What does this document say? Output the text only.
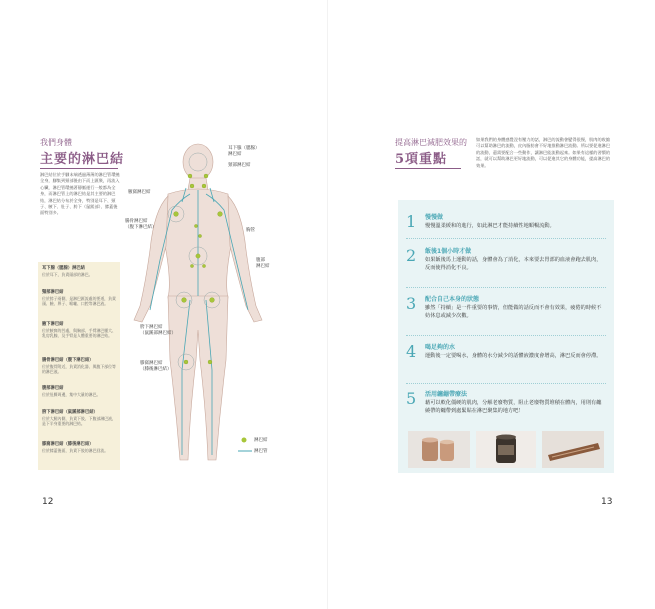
我們身體
主要的淋巴結
淋巴結位於手腳末端透過薄薄的淋巴管環繞全身，腳集到頸部後由下而上匯聚，再流入心臟，淋巴管環繞著靜脈運行一般都為全身，而淋巴管上的淋巴結是其主要的淋巴結，淋巴結分布於全身，特別是耳下、頸子、腋下、肚子、胯下（鼠蹊部）、膝蓋後面特別多。
耳下腺（腮腺）淋巴結
位於耳下，負責頭部的淋巴。
頸部淋巴結
位於脖子兩側，是淋巴匯流處的要道，負責頭、臉、鼻子、喉嚨、口腔等淋巴液。
腋下淋巴結
位於腋窩的凹處，與胸部、手臂淋巴腫大、乳房乳腺、及手臂是人體重要的淋巴結。
腸骨淋巴結（腹下淋巴結）
位於腹骨附近，負責消化器、與腹下部位等的淋巴液。
腹部淋巴結
位於肚臍周邊，集中大量的淋巴。
胯下淋巴結（鼠蹊部淋巴結）
位於大腿內側，負責下肢、下腹部淋巴液，是下半身重要的淋巴結。
膝窩淋巴結（膝後淋巴結）
位於膝蓋後面，負責下肢的淋巴回流。
耳下腺（腮腺）
淋巴結
頸部淋巴結
腋窩淋巴結
腸骨淋巴結
（腹下淋巴結）
胸管
腹部
淋巴結
胯下淋巴結
（鼠蹊部淋巴結）
膝窩淋巴結
（膝後淋巴結）
淋巴結
淋巴管
12
提高淋巴減肥效果的
5項重點
如果我們的身體感覺沒有壓力的話，淋巴的流動會變得很慢，肌肉的收縮可以幫助淋巴的流動，皮內脂肪會不好地推動淋巴流動。所以要促進淋巴的流動，還需要配合一些動作，讓淋巴能流動起來。如果有這樣的習慣的話，就可以幫助淋巴更好地流動，可以促進其它的身體功能，提高淋巴的效果。
1 慢慢做
慢慢溫柔緩和的進行，如此淋巴才能持續性地順暢流動。
2 飯後1個小時才做
如果飯後馬上運動的話，身體會為了消化，本來要去胃部的血液會跑去肌肉，反而使得消化不良。
3 配合自己本身的狀態
雖然「持續」是一件重要的事情，但能做的話反而不會有效果，疲倦的時候不妨休息或減少次數。
4 喝足夠的水
運動後一定要喝水，身體的水分減少的話體液濃度會增高，淋巴反而會停滯。
5 活用纏繃帶療法
藉可以軟化僵硬的肌肉，分解老廢物質，阻止老廢物質堆積在體內，用則有纏繞帶的纏帶到處緊貼在淋巴聚集的地方吧！
13
